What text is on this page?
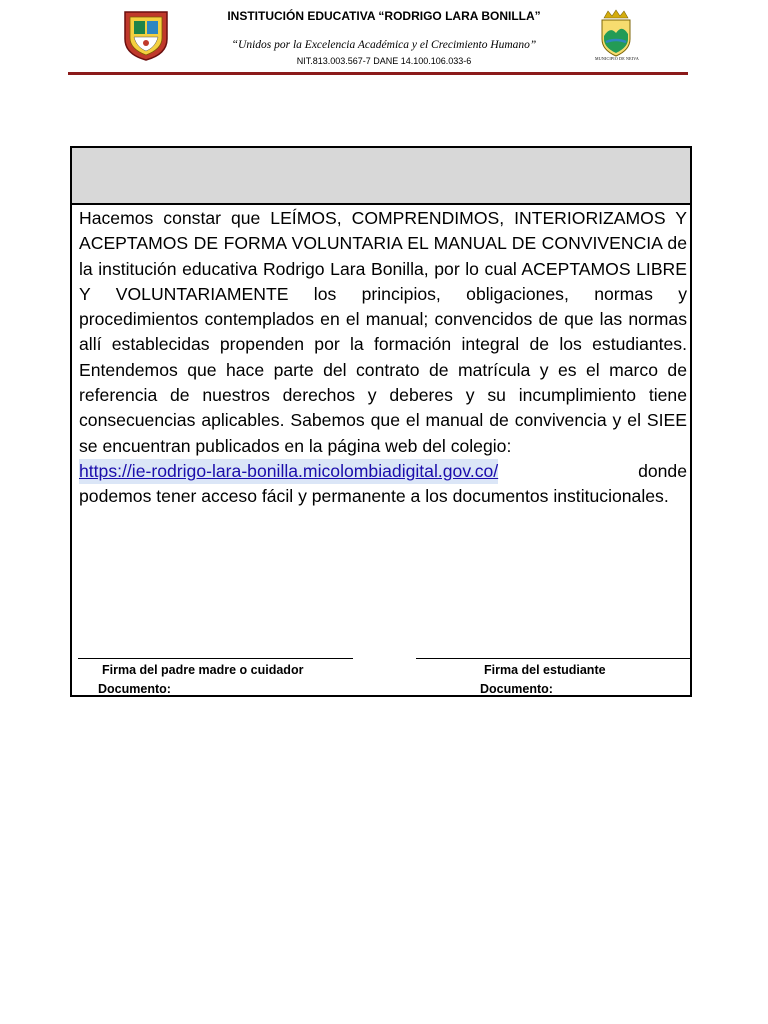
INSTITUCIÓN EDUCATIVA “RODRIGO LARA BONILLA”
“Unidos por la Excelencia Académica y el Crecimiento Humano”
NIT.813.003.567-7 DANE 14.100.106.033-6	MUNICIPIO DE NEIVA

Hacemos constar que LEÍMOS, COMPRENDIMOS, INTERIORIZAMOS Y ACEPTAMOS DE FORMA VOLUNTARIA EL MANUAL DE CONVIVENCIA de la institución educativa Rodrigo Lara Bonilla, por lo cual ACEPTAMOS LIBRE Y VOLUNTARIAMENTE los principios, obligaciones, normas y procedimientos contemplados en el manual; convencidos de que las normas allí establecidas propenden por la formación integral de los estudiantes. Entendemos que hace parte del contrato de matrícula y es el marco de referencia de nuestros derechos y deberes y su incumplimiento tiene consecuencias aplicables. Sabemos que el manual de convivencia y el SIEE se encuentran publicados en la página web del colegio:

https://ie-rodrigo-lara-bonilla.micolombiadigital.gov.co/	donde

podemos tener acceso fácil y permanente a los documentos institucionales.

Firma del padre madre o cuidador
Documento:
Firma del estudiante
Documento:
